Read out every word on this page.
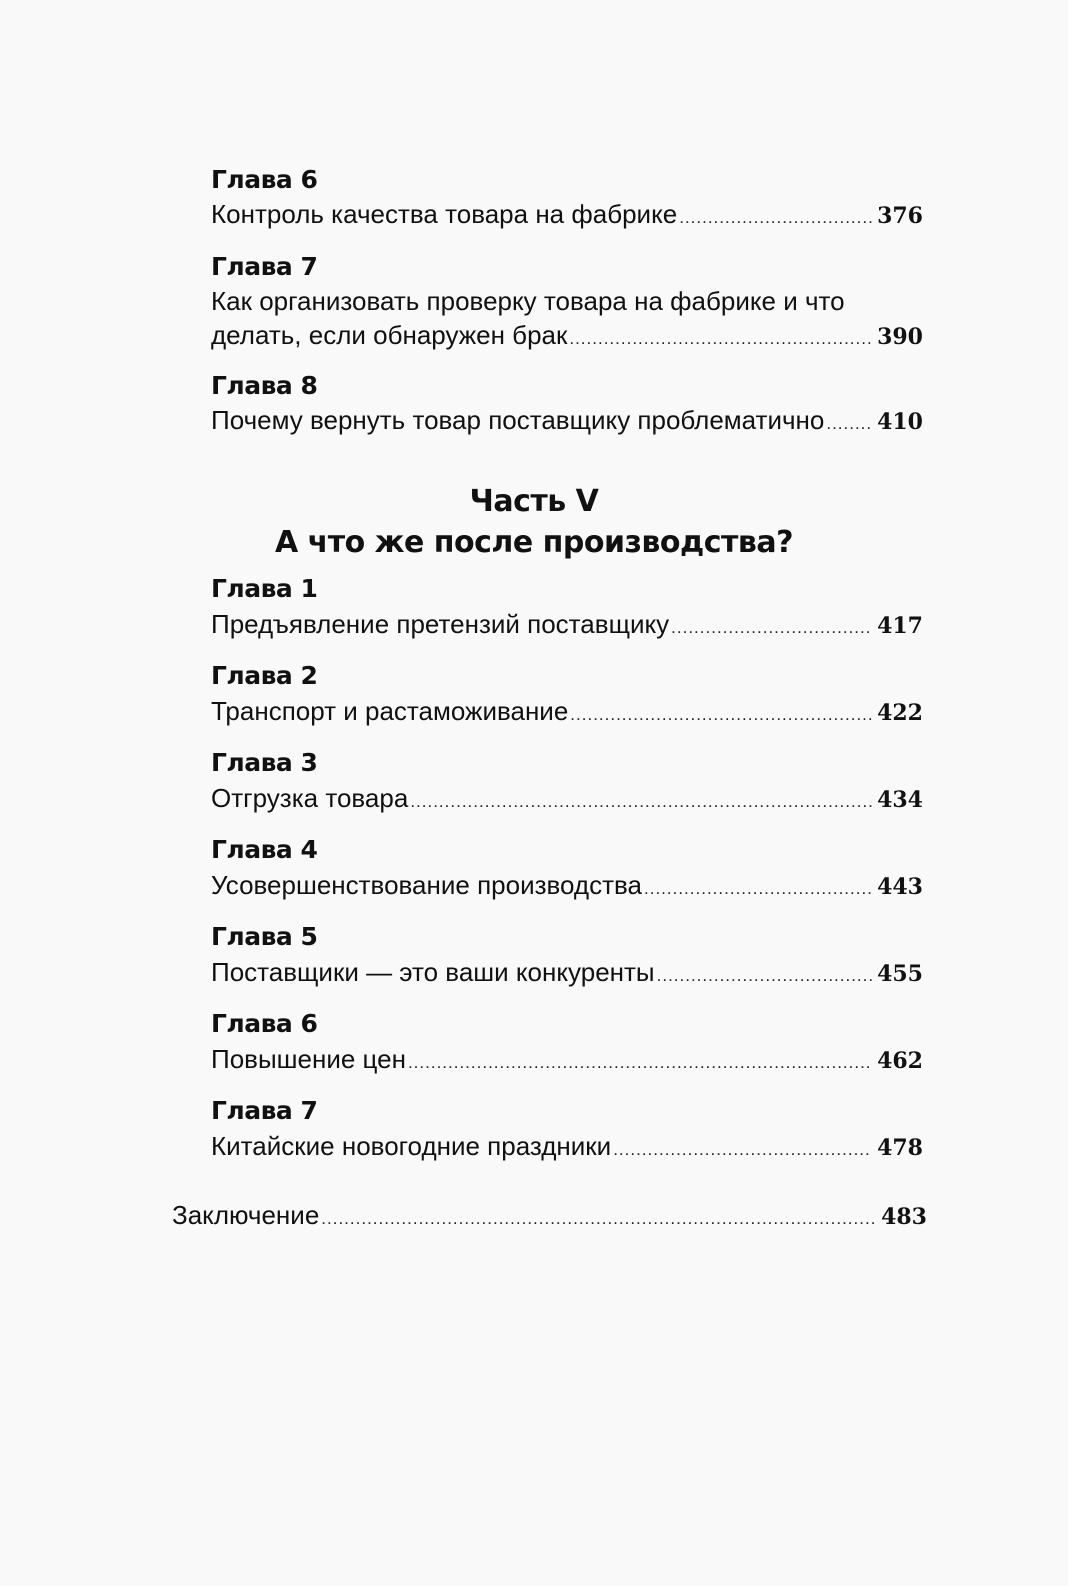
Глава 6
Контроль качества товара на фабрике .....	376
Глава 7
Как организовать проверку товара на фабрике и что
делать, если обнаружен брак .....	390
Глава 8
Почему вернуть товар поставщику проблематично ..... 410
Часть V
А что же после производства?
Глава 1
Предъявление претензий поставщику .....	417
Глава 2
Транспорт и растаможивание .....	422
Глава 3
Отгрузка товара .....	434
Глава 4
Усовершенствование производства .....	443
Глава 5
Поставщики — это ваши конкуренты .....	455
Глава 6
Повышение цен .....	462
Глава 7
Китайские новогодние праздники .....	478
Заключение .....	483
